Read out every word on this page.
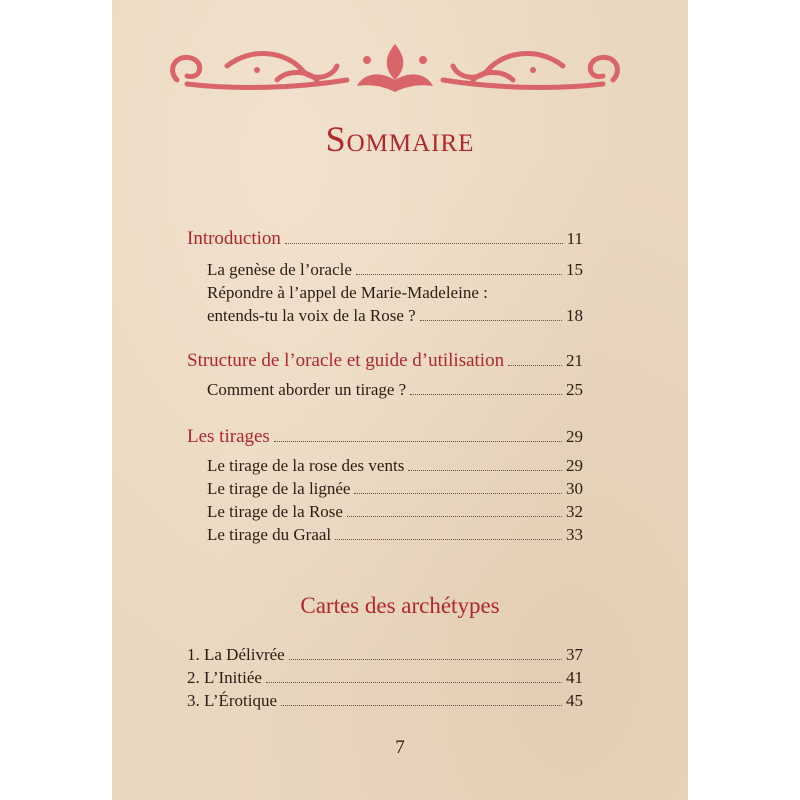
Sommaire
Introduction	11
La genèse de l’oracle	15
Répondre à l’appel de Marie-Madeleine :
entends-tu la voix de la Rose ?	18
Structure de l’oracle et guide d’utilisation	21
Comment aborder un tirage ?	25
Les tirages	29
Le tirage de la rose des vents	29
Le tirage de la lignée	30
Le tirage de la Rose	32
Le tirage du Graal	33
Cartes des archétypes
1. La Délivrée	37
2. L’Initiée	41
3. L’Érotique	45
7
